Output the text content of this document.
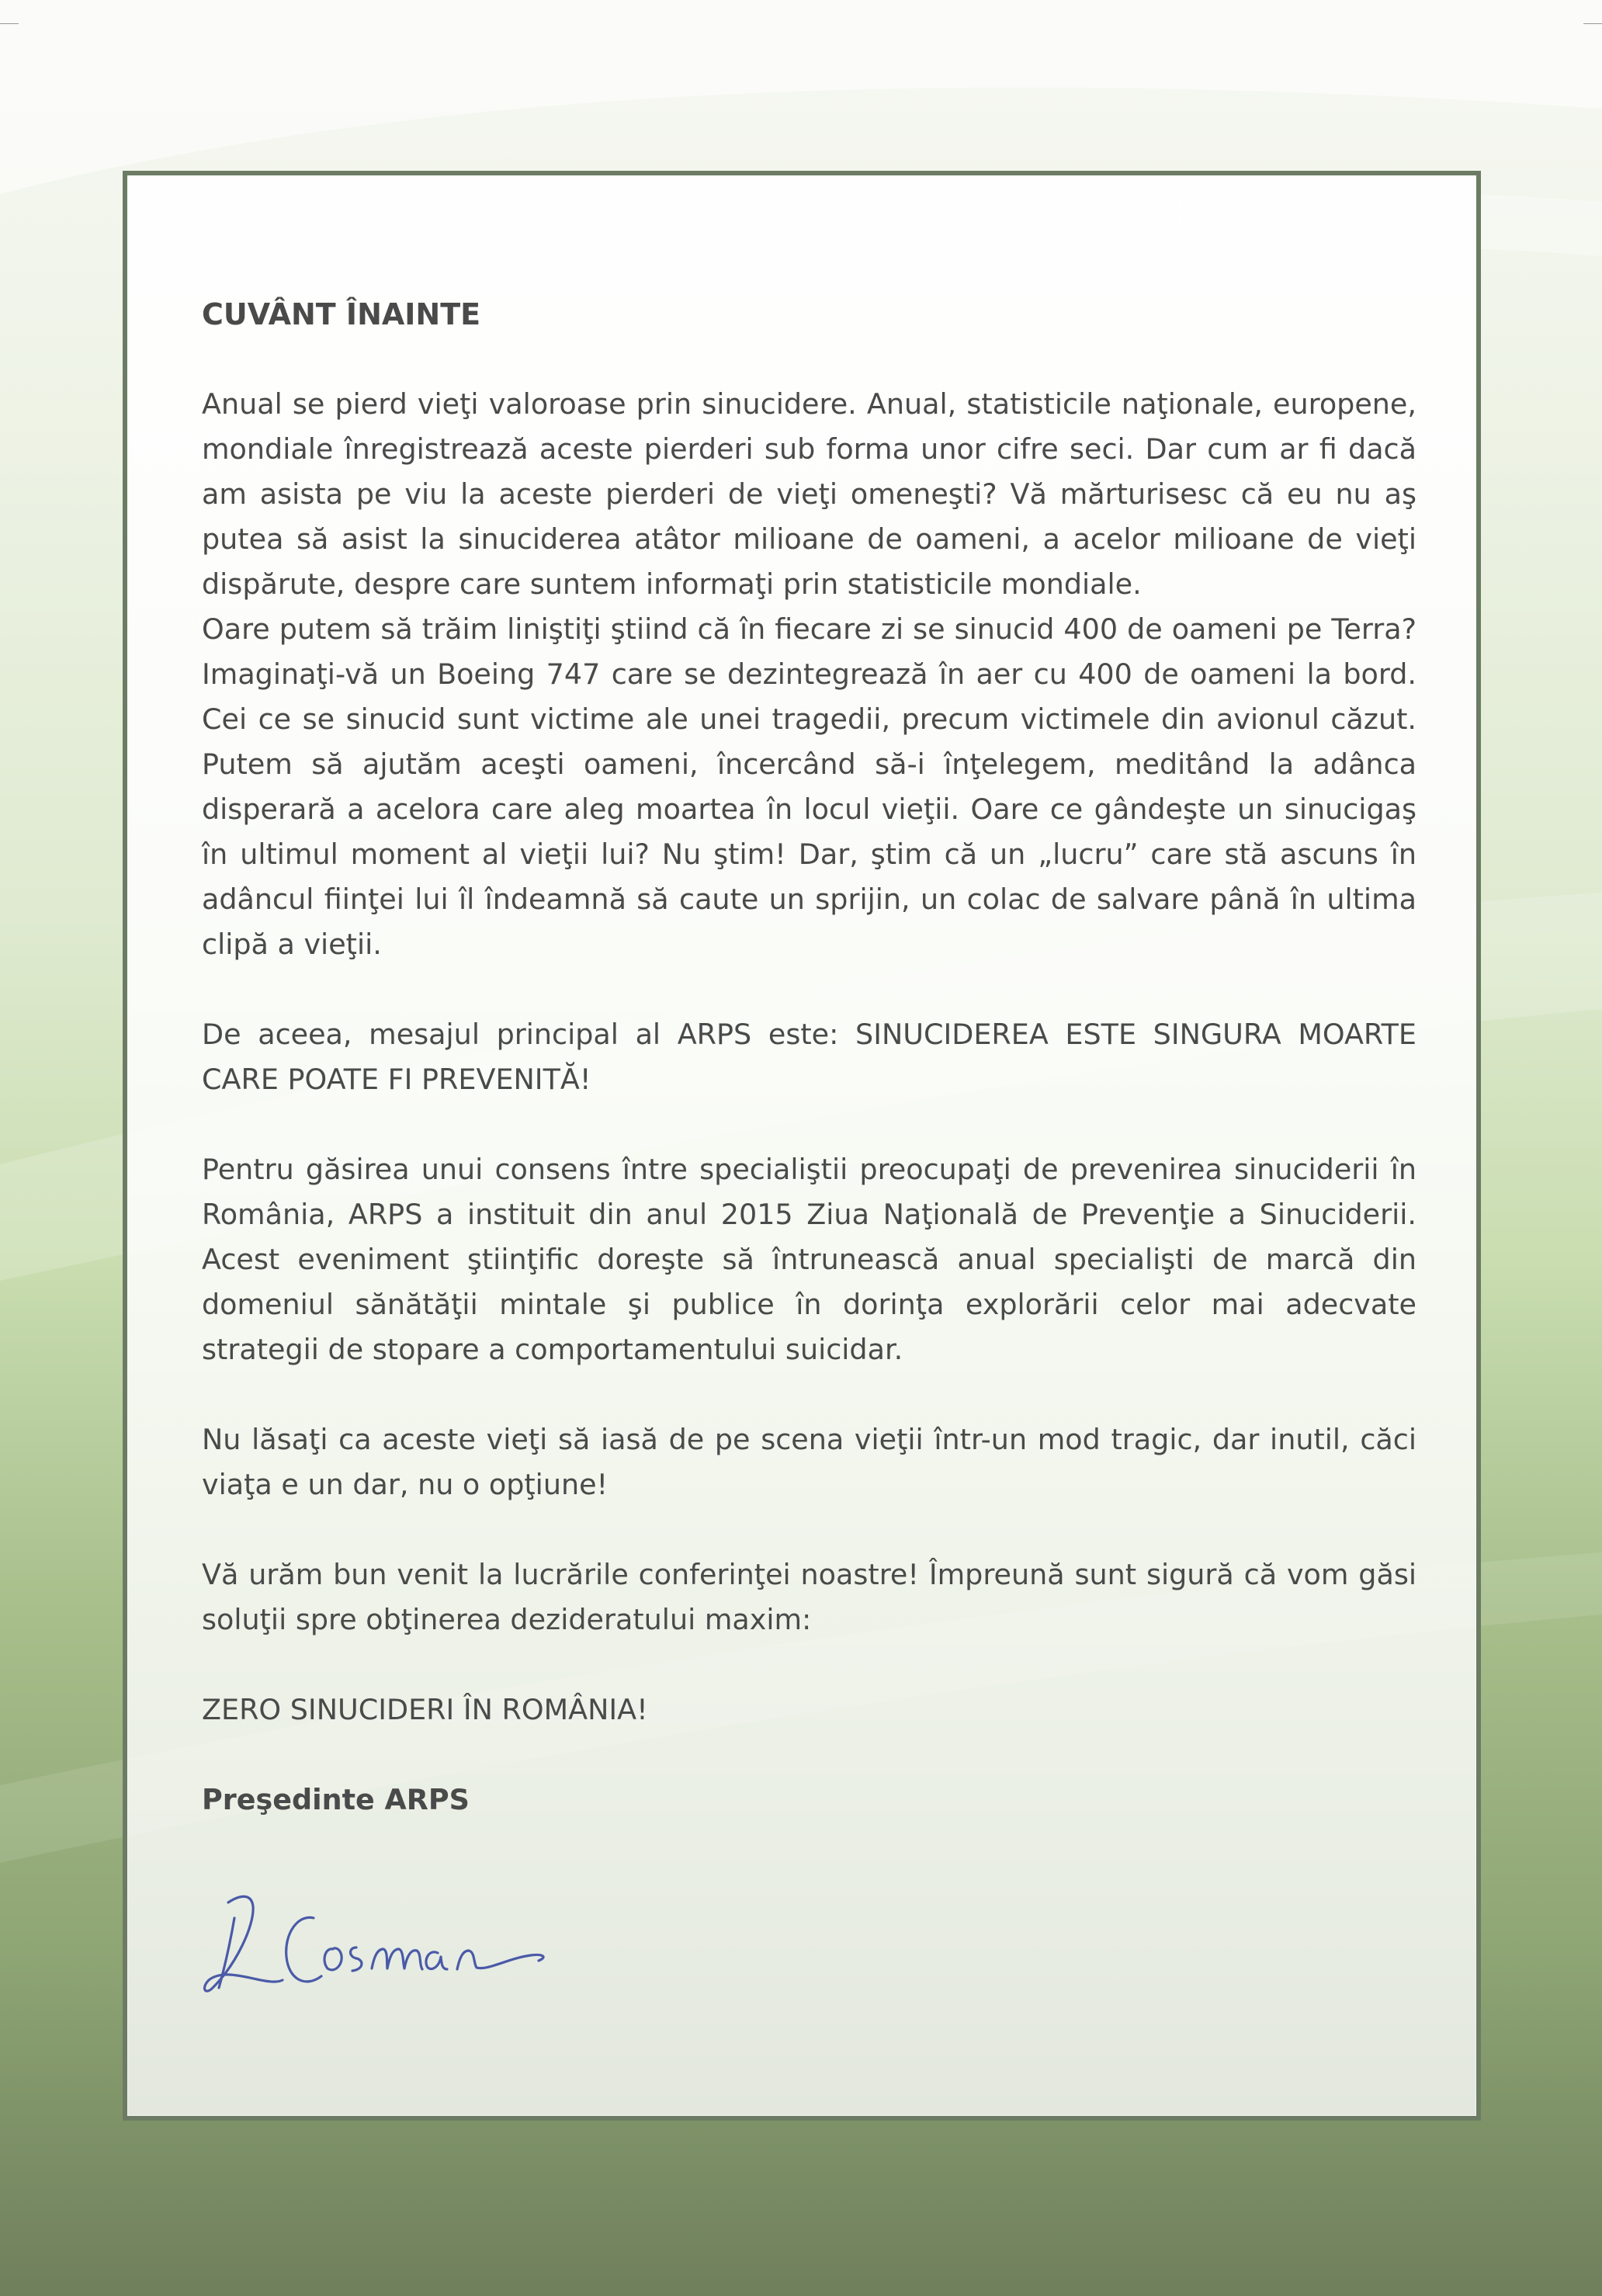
CUVÂNT ÎNAINTE

Anual se pierd vieţi valoroase prin sinucidere. Anual, statisticile naţionale, europene, mondiale înregistrează aceste pierderi sub forma unor cifre seci. Dar cum ar fi dacă am asista pe viu la aceste pierderi de vieţi omeneşti? Vă mărturisesc că eu nu aş putea să asist la sinuciderea atâtor milioane de oameni, a acelor milioane de vieţi dispărute, despre care suntem informaţi prin statisticile mondiale.

Oare putem să trăim liniştiţi ştiind că în fiecare zi se sinucid 400 de oameni pe Terra? Imaginaţi-vă un Boeing 747 care se dezintegrează în aer cu 400 de oameni la bord. Cei ce se sinucid sunt victime ale unei tragedii, precum victimele din avionul căzut. Putem să ajutăm aceşti oameni, încercând să-i înţelegem, meditând la adânca disperară a acelora care aleg moartea în locul vieţii. Oare ce gândeşte un sinucigaş în ultimul moment al vieţii lui? Nu ştim! Dar, ştim că un „lucru” care stă ascuns în adâncul fiinţei lui îl îndeamnă să caute un sprijin, un colac de salvare până în ultima clipă a vieţii.

De aceea, mesajul principal al ARPS este: SINUCIDEREA ESTE SINGURA MOARTE CARE POATE FI PREVENITĂ!

Pentru găsirea unui consens între specialiştii preocupaţi de prevenirea sinuciderii în România, ARPS a instituit din anul 2015 Ziua Naţională de Prevenţie a Sinuciderii. Acest eveniment ştiinţific doreşte să întrunească anual specialişti de marcă din domeniul sănătăţii mintale şi publice în dorinţa explorării celor mai adecvate strategii de stopare a comportamentului suicidar.

Nu lăsaţi ca aceste vieţi să iasă de pe scena vieţii într-un mod tragic, dar inutil, căci viaţa e un dar, nu o opţiune!

Vă urăm bun venit la lucrările conferinţei noastre! Împreună sunt sigură că vom găsi soluţii spre obţinerea dezideratului maxim:

ZERO SINUCIDERI ÎN ROMÂNIA!

Preşedinte ARPS
